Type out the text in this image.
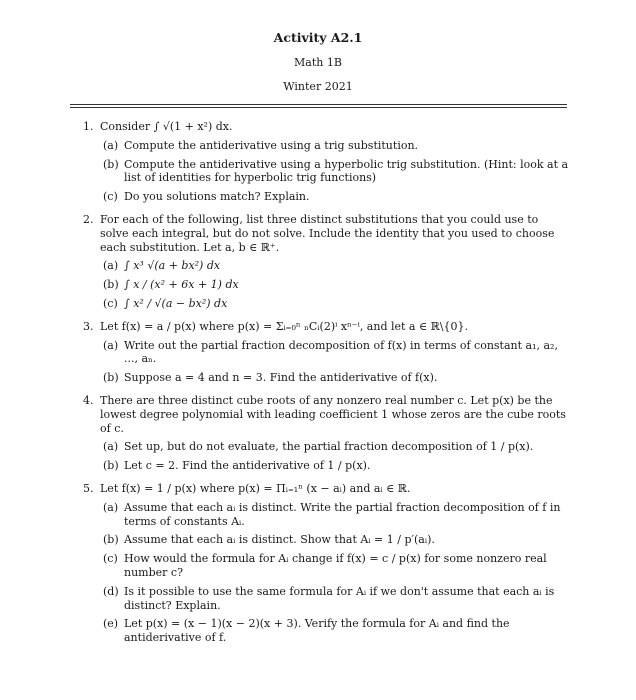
Activity A2.1
Math 1B
Winter 2021
1. Consider ∫ √(1 + x²) dx.
(a) Compute the antiderivative using a trig substitution.
(b) Compute the antiderivative using a hyperbolic trig substitution. (Hint: look at a list of identities for hyperbolic trig functions)
(c) Do you solutions match? Explain.
2. For each of the following, list three distinct substitutions that you could use to solve each integral, but do not solve. Include the identity that you used to choose each substitution. Let a, b ∈ ℝ⁺.
(a) ∫ x³ √(a + bx²) dx
(b) ∫ x / (x² + 6x + 1) dx
(c) ∫ x² / √(a − bx²) dx
3. Let f(x) = a / p(x) where p(x) = Σᵢ₌₀ⁿ ₙCᵢ(2)ⁱ xⁿ⁻ⁱ, and let a ∈ ℝ\{0}.
(a) Write out the partial fraction decomposition of f(x) in terms of constant a₁, a₂, ..., aₙ.
(b) Suppose a = 4 and n = 3. Find the antiderivative of f(x).
4. There are three distinct cube roots of any nonzero real number c. Let p(x) be the lowest degree polynomial with leading coefficient 1 whose zeros are the cube roots of c.
(a) Set up, but do not evaluate, the partial fraction decomposition of 1 / p(x).
(b) Let c = 2. Find the antiderivative of 1 / p(x).
5. Let f(x) = 1 / p(x) where p(x) = Πᵢ₌₁ⁿ (x − aᵢ) and aᵢ ∈ ℝ.
(a) Assume that each aᵢ is distinct. Write the partial fraction decomposition of f in terms of constants Aᵢ.
(b) Assume that each aᵢ is distinct. Show that Aᵢ = 1 / p′(aᵢ).
(c) How would the formula for Aᵢ change if f(x) = c / p(x) for some nonzero real number c?
(d) Is it possible to use the same formula for Aᵢ if we don't assume that each aᵢ is distinct? Explain.
(e) Let p(x) = (x − 1)(x − 2)(x + 3). Verify the formula for Aᵢ and find the antiderivative of f.
